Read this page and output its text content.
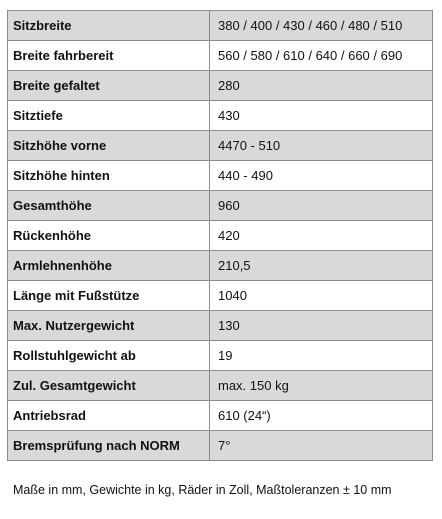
Sitzbreite	380 / 400 / 430 / 460 / 480 / 510
Breite fahrbereit	560 / 580 / 610 / 640 / 660 / 690
Breite gefaltet	280
Sitztiefe	430
Sitzhöhe vorne	4470 - 510
Sitzhöhe hinten	440 - 490
Gesamthöhe	960
Rückenhöhe	420
Armlehnenhöhe	210,5
Länge mit Fußstütze	1040
Max. Nutzergewicht	130
Rollstuhlgewicht ab	19
Zul. Gesamtgewicht	max. 150 kg
Antriebsrad	610 (24“)
Bremsprüfung nach NORM	7°
Maße in mm, Gewichte in kg, Räder in Zoll, Maßtoleranzen ± 10 mm
